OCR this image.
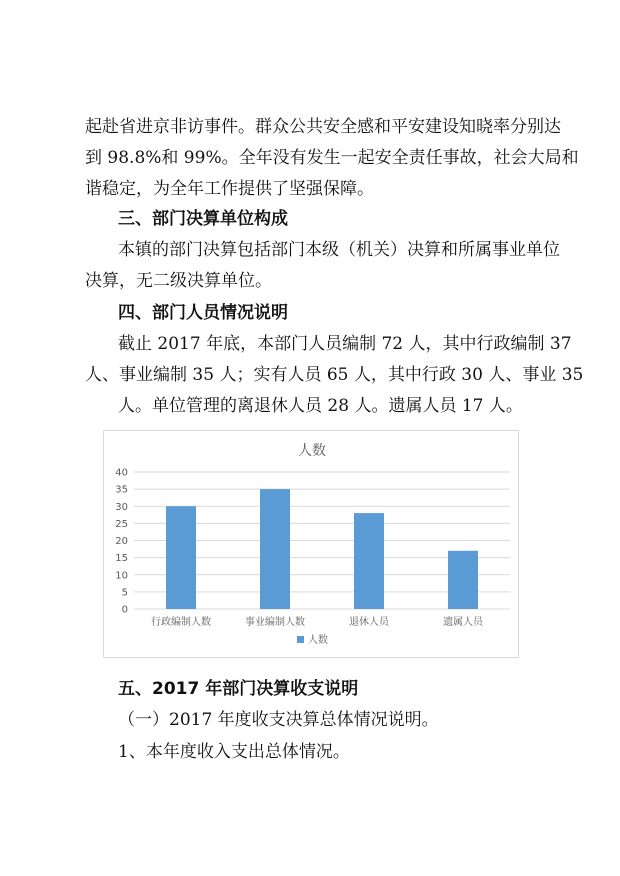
起赴省进京非访事件。群众公共安全感和平安建设知晓率分别达
到 98.8%和 99%。全年没有发生一起安全责任事故，社会大局和
谐稳定，为全年工作提供了坚强保障。
三、部门决算单位构成
本镇的部门决算包括部门本级（机关）决算和所属事业单位
决算，无二级决算单位。
四、部门人员情况说明
截止 2017 年底，本部门人员编制 72 人，其中行政编制 37
人、事业编制 35 人；实有人员 65 人，其中行政 30 人、事业 35
人。单位管理的离退休人员 28 人。遗属人员 17 人。
人数
0
5
10
15
20
25
30
35
40
行政编制人数	事业编制人数	退休人员	遗属人员
人数
五、2017 年部门决算收支说明
（一）2017 年度收支决算总体情况说明。
1、本年度收入支出总体情况。
